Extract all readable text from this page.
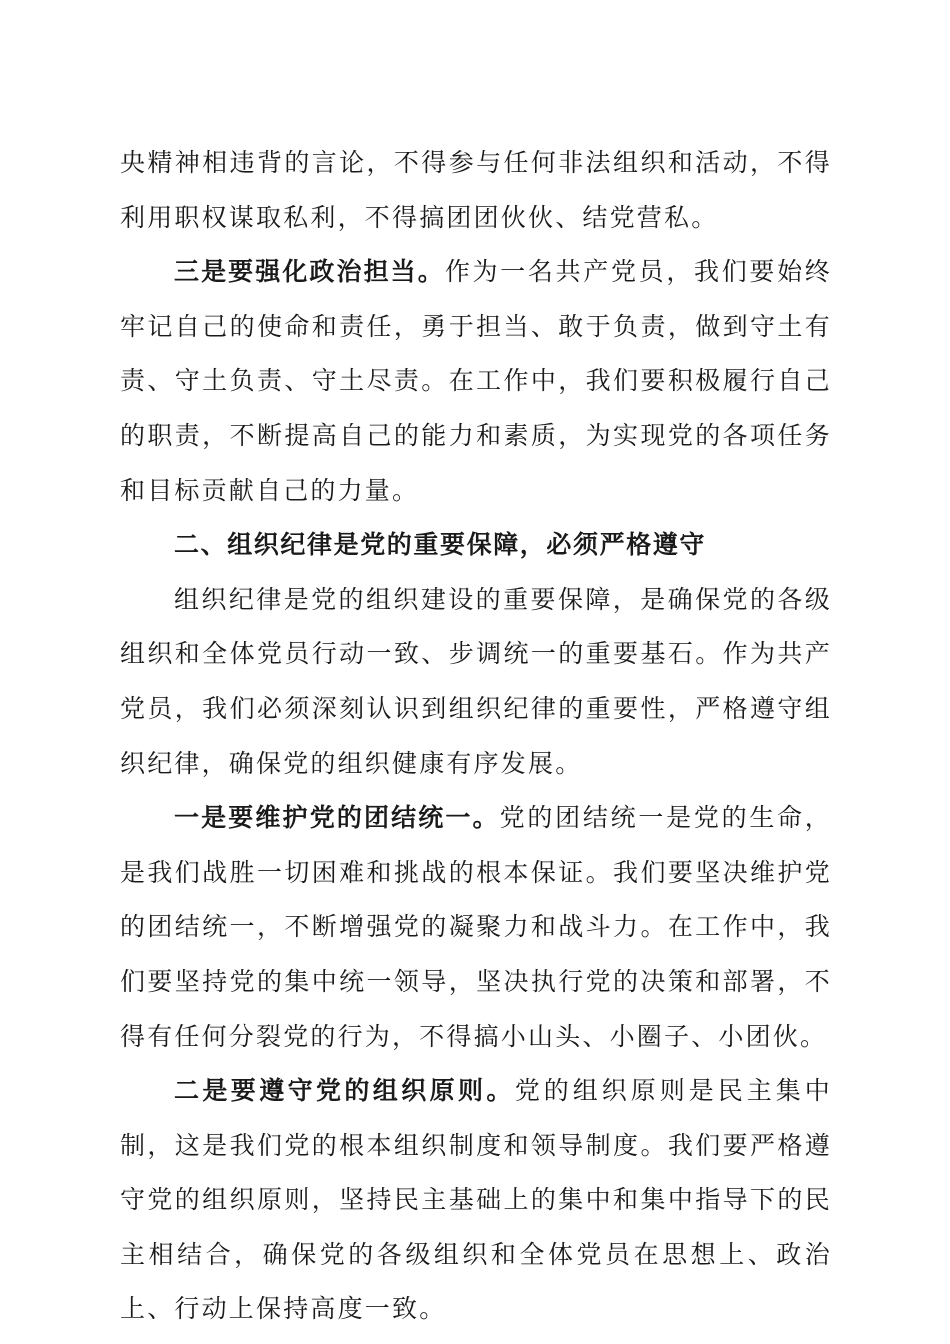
央精神相违背的言论，不得参与任何非法组织和活动，不得利用职权谋取私利，不得搞团团伙伙、结党营私。

三是要强化政治担当。作为一名共产党员，我们要始终牢记自己的使命和责任，勇于担当、敢于负责，做到守土有责、守土负责、守土尽责。在工作中，我们要积极履行自己的职责，不断提高自己的能力和素质，为实现党的各项任务和目标贡献自己的力量。

二、组织纪律是党的重要保障，必须严格遵守

组织纪律是党的组织建设的重要保障，是确保党的各级组织和全体党员行动一致、步调统一的重要基石。作为共产党员，我们必须深刻认识到组织纪律的重要性，严格遵守组织纪律，确保党的组织健康有序发展。

一是要维护党的团结统一。党的团结统一是党的生命，是我们战胜一切困难和挑战的根本保证。我们要坚决维护党的团结统一，不断增强党的凝聚力和战斗力。在工作中，我们要坚持党的集中统一领导，坚决执行党的决策和部署，不得有任何分裂党的行为，不得搞小山头、小圈子、小团伙。

二是要遵守党的组织原则。党的组织原则是民主集中制，这是我们党的根本组织制度和领导制度。我们要严格遵守党的组织原则，坚持民主基础上的集中和集中指导下的民主相结合，确保党的各级组织和全体党员在思想上、政治上、行动上保持高度一致。
